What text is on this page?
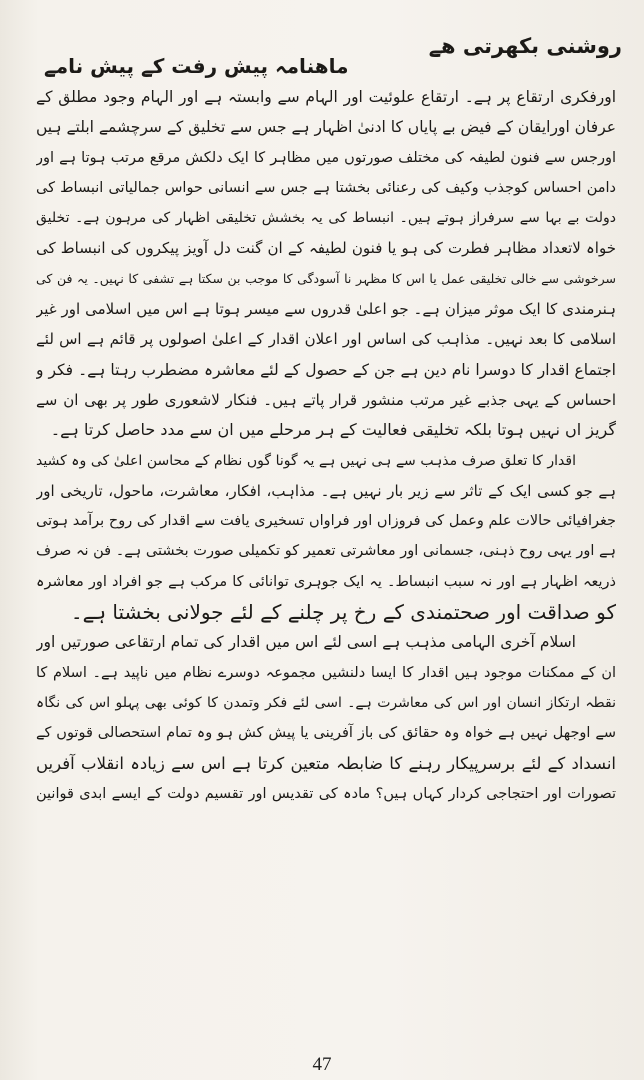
روشنی بکھرتی ھے
ماھنامہ پیش رفت کے پیش نامے
اورفکری ارتقاع پر ہے۔ ارتقاع علوئیت اور الہام سے وابستہ ہے اور الہام وجود مطلق کے
عرفان اورایقان کے فیض بے پایاں کا ادنیٰ اظہار ہے جس سے تخلیق کے سرچشمے ابلتے ہیں
اورجس سے فنون لطیفہ کی مختلف صورتوں میں مظاہر کا ایک دلکش مرقع مرتب ہوتا ہے اور
دامن احساس کوجذب وکیف کی رعنائی بخشتا ہے جس سے انسانی حواس جمالیاتی انبساط کی
دولت بے بہا سے سرفراز ہوتے ہیں۔ انبساط کی یہ بخشش تخلیقی اظہار کی مرہون ہے۔ تخلیق
خواہ لاتعداد مظاہر فطرت کی ہو یا فنون لطیفہ کے ان گنت دل آویز پیکروں کی انبساط کی
سرخوشی سے خالی تخلیقی عمل یا اس کا مظہر نا آسودگی کا موجب بن سکتا ہے تشفی کا نہیں۔ یہ فن کی
ہنرمندی کا ایک موثر میزان ہے۔ جو اعلیٰ قدروں سے میسر ہوتا ہے اس میں اسلامی اور غیر
اسلامی کا بعد نہیں۔ مذاہب کی اساس اور اعلان اقدار کے اعلیٰ اصولوں پر قائم ہے اس لئے
اجتماع اقدار کا دوسرا نام دین ہے جن کے حصول کے لئے معاشرہ مضطرب رہتا ہے۔ فکر و
احساس کے یہی جذبے غیر مرتب منشور قرار پاتے ہیں۔ فنکار لاشعوری طور پر بھی ان سے
گریز اں نہیں ہوتا بلکہ تخلیقی فعالیت کے ہر مرحلے میں ان سے مدد حاصل کرتا ہے۔
اقدار کا تعلق صرف مذہب سے ہی نہیں ہے یہ گونا گوں نظام کے محاسن اعلیٰ کی وہ کشید
ہے جو کسی ایک کے تاثر سے زیر بار نہیں ہے۔ مذاہب، افکار، معاشرت، ماحول، تاریخی اور
جغرافیائی حالات علم وعمل کی فروزاں اور فراواں تسخیری یافت سے اقدار کی روح برآمد ہوتی
ہے اور یہی روح ذہنی، جسمانی اور معاشرتی تعمیر کو تکمیلی صورت بخشتی ہے۔ فن نہ صرف
ذریعہ اظہار ہے اور نہ سبب انبساط۔ یہ ایک جوہری توانائی کا مرکب ہے جو افراد اور معاشرہ
کو صداقت اور صحتمندی کے رخ پر چلنے کے لئے جولانی بخشتا ہے۔
اسلام آخری الہامی مذہب ہے اسی لئے اس میں اقدار کی تمام ارتقاعی صورتیں اور
ان کے ممکنات موجود ہیں اقدار کا ایسا دلنشیں مجموعہ دوسرے نظام میں ناپید ہے۔ اسلام کا
نقطہ ارتکاز انسان اور اس کی معاشرت ہے۔ اسی لئے فکر وتمدن کا کوئی بھی پہلو اس کی نگاہ
سے اوجھل نہیں ہے خواہ وہ حقائق کی باز آفرینی یا پیش کش ہو وہ تمام استحصالی قوتوں کے
انسداد کے لئے برسرپیکار رہنے کا ضابطہ متعین کرتا ہے اس سے زیادہ انقلاب آفریں
تصورات اور احتجاجی کردار کہاں ہیں؟ مادہ کی تقدیس اور تقسیم دولت کے ایسے ابدی قوانین
47
